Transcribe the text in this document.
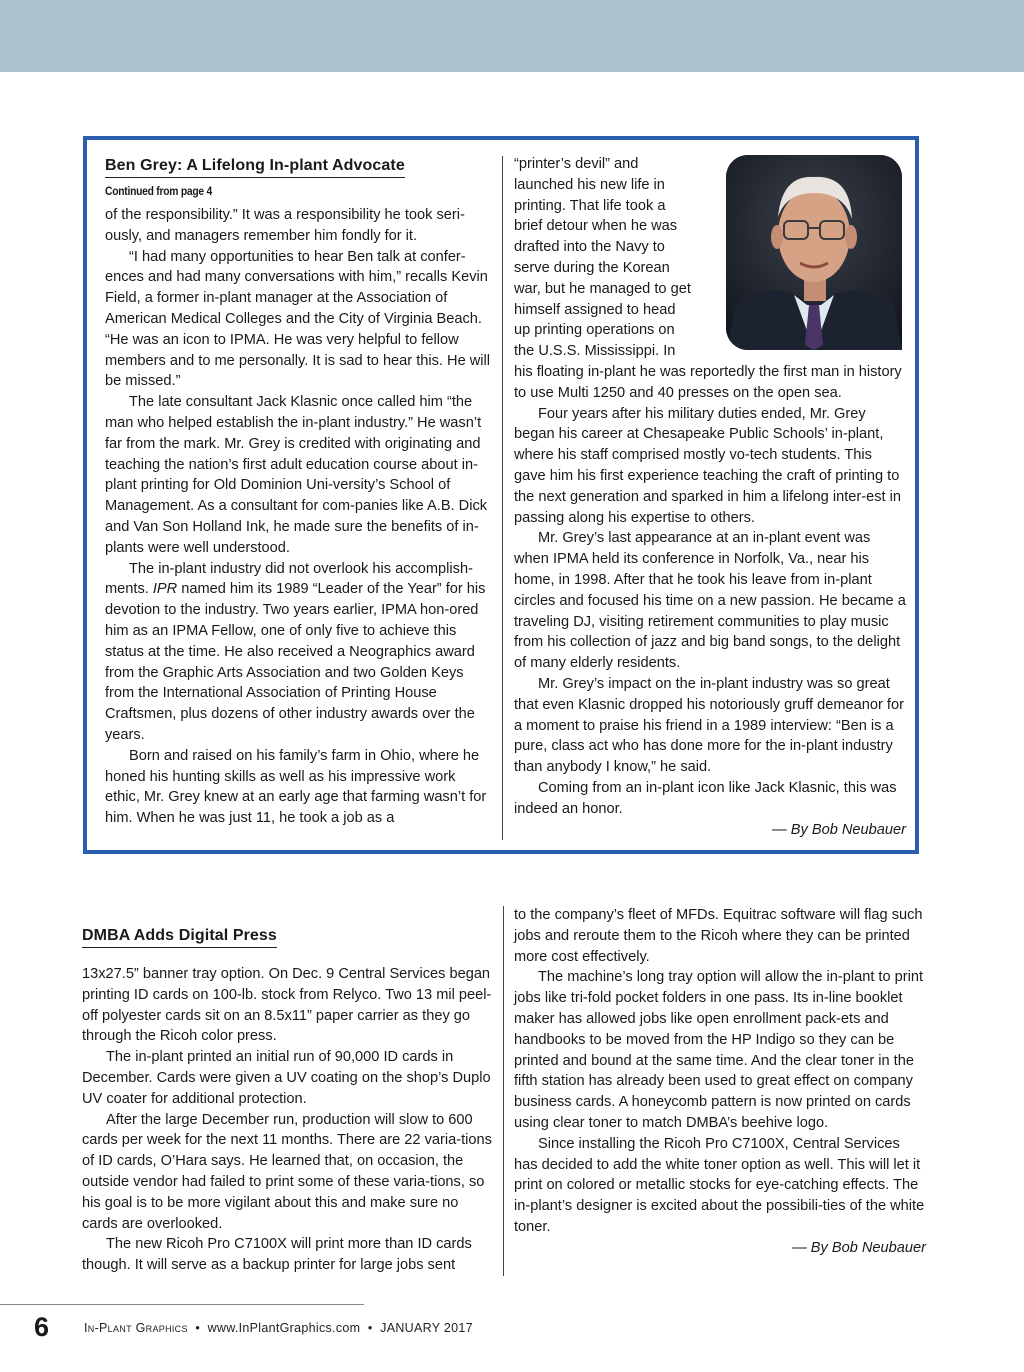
Ben Grey: A Lifelong In-plant Advocate
Continued from page 4

of the responsibility.” It was a responsibility he took seri-ously, and managers remember him fondly for it.

“I had many opportunities to hear Ben talk at confer-ences and had many conversations with him,” recalls Kevin Field, a former in-plant manager at the Association of American Medical Colleges and the City of Virginia Beach. “He was an icon to IPMA. He was very helpful to fellow members and to me personally. It is sad to hear this. He will be missed.”

The late consultant Jack Klasnic once called him “the man who helped establish the in-plant industry.” He wasn’t far from the mark. Mr. Grey is credited with originating and teaching the nation’s first adult education course about in-plant printing for Old Dominion Uni-versity’s School of Management. As a consultant for com-panies like A.B. Dick and Van Son Holland Ink, he made sure the benefits of in-plants were well understood.

The in-plant industry did not overlook his accomplish-ments. IPR named him its 1989 “Leader of the Year” for his devotion to the industry. Two years earlier, IPMA hon-ored him as an IPMA Fellow, one of only five to achieve this status at the time. He also received a Neographics award from the Graphic Arts Association and two Golden Keys from the International Association of Printing House Craftsmen, plus dozens of other industry awards over the years.

Born and raised on his family’s farm in Ohio, where he honed his hunting skills as well as his impressive work ethic, Mr. Grey knew at an early age that farming wasn’t for him. When he was just 11, he took a job as a

“printer’s devil” and launched his new life in printing. That life took a brief detour when he was drafted into the Navy to serve during the Korean war, but he managed to get himself assigned to head up printing operations on the U.S.S. Mississippi. In his floating in-plant he was reportedly the first man in history to use Multi 1250 and 40 presses on the open sea.

Four years after his military duties ended, Mr. Grey began his career at Chesapeake Public Schools’ in-plant, where his staff comprised mostly vo-tech students. This gave him his first experience teaching the craft of printing to the next generation and sparked in him a lifelong inter-est in passing along his expertise to others.

Mr. Grey’s last appearance at an in-plant event was when IPMA held its conference in Norfolk, Va., near his home, in 1998. After that he took his leave from in-plant circles and focused his time on a new passion. He became a traveling DJ, visiting retirement communities to play music from his collection of jazz and big band songs, to the delight of many elderly residents.

Mr. Grey’s impact on the in-plant industry was so great that even Klasnic dropped his notoriously gruff demeanor for a moment to praise his friend in a 1989 interview: “Ben is a pure, class act who has done more for the in-plant industry than anybody I know,” he said.

Coming from an in-plant icon like Jack Klasnic, this was indeed an honor.

— By Bob Neubauer

DMBA Adds Digital Press

13x27.5” banner tray option. On Dec. 9 Central Services began printing ID cards on 100-lb. stock from Relyco. Two 13 mil peel-off polyester cards sit on an 8.5x11” paper carrier as they go through the Ricoh color press.

The in-plant printed an initial run of 90,000 ID cards in December. Cards were given a UV coating on the shop’s Duplo UV coater for additional protection.

After the large December run, production will slow to 600 cards per week for the next 11 months. There are 22 varia-tions of ID cards, O’Hara says. He learned that, on occasion, the outside vendor had failed to print some of these varia-tions, so his goal is to be more vigilant about this and make sure no cards are overlooked.

The new Ricoh Pro C7100X will print more than ID cards though. It will serve as a backup printer for large jobs sent

to the company’s fleet of MFDs. Equitrac software will flag such jobs and reroute them to the Ricoh where they can be printed more cost effectively.

The machine’s long tray option will allow the in-plant to print jobs like tri-fold pocket folders in one pass. Its in-line booklet maker has allowed jobs like open enrollment pack-ets and handbooks to be moved from the HP Indigo so they can be printed and bound at the same time. And the clear toner in the fifth station has already been used to great effect on company business cards. A honeycomb pattern is now printed on cards using clear toner to match DMBA’s beehive logo.

Since installing the Ricoh Pro C7100X, Central Services has decided to add the white toner option as well. This will let it print on colored or metallic stocks for eye-catching effects. The in-plant’s designer is excited about the possibili-ties of the white toner.

— By Bob Neubauer

6	In-Plant Graphics • www.InPlantGraphics.com • JANUARY 2017
